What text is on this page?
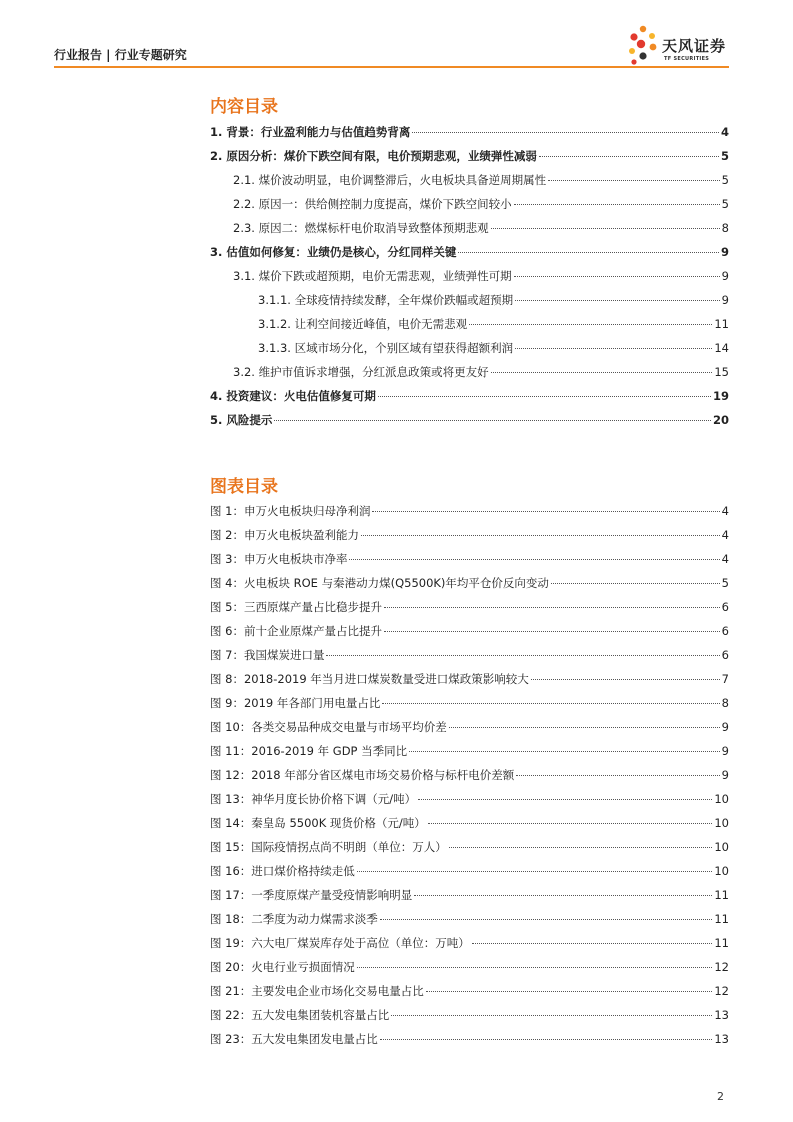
行业报告 | 行业专题研究	天风证券
TF SECURITIES
内容目录
1. 背景：行业盈利能力与估值趋势背离	4
2. 原因分析：煤价下跌空间有限，电价预期悲观，业绩弹性减弱	5
2.1. 煤价波动明显，电价调整滞后，火电板块具备逆周期属性	5
2.2. 原因一：供给侧控制力度提高，煤价下跌空间较小	5
2.3. 原因二：燃煤标杆电价取消导致整体预期悲观	8
3. 估值如何修复：业绩仍是核心，分红同样关键	9
3.1. 煤价下跌或超预期，电价无需悲观，业绩弹性可期	9
3.1.1. 全球疫情持续发酵，全年煤价跌幅或超预期	9
3.1.2. 让利空间接近峰值，电价无需悲观	11
3.1.3. 区域市场分化，个别区域有望获得超额利润	14
3.2. 维护市值诉求增强，分红派息政策或将更友好	15
4. 投资建议：火电估值修复可期	19
5. 风险提示	20
图表目录
图 1：申万火电板块归母净利润	4
图 2：申万火电板块盈利能力	4
图 3：申万火电板块市净率	4
图 4：火电板块 ROE 与秦港动力煤(Q5500K)年均平仓价反向变动	5
图 5：三西原煤产量占比稳步提升	6
图 6：前十企业原煤产量占比提升	6
图 7：我国煤炭进口量	6
图 8：2018-2019 年当月进口煤炭数量受进口煤政策影响较大	7
图 9：2019 年各部门用电量占比	8
图 10：各类交易品种成交电量与市场平均价差	9
图 11：2016-2019 年 GDP 当季同比	9
图 12：2018 年部分省区煤电市场交易价格与标杆电价差额	9
图 13：神华月度长协价格下调（元/吨）	10
图 14：秦皇岛 5500K 现货价格（元/吨）	10
图 15：国际疫情拐点尚不明朗（单位：万人）	10
图 16：进口煤价格持续走低	10
图 17：一季度原煤产量受疫情影响明显	11
图 18：二季度为动力煤需求淡季	11
图 19：六大电厂煤炭库存处于高位（单位：万吨）	11
图 20：火电行业亏损面情况	12
图 21：主要发电企业市场化交易电量占比	12
图 22：五大发电集团装机容量占比	13
图 23：五大发电集团发电量占比	13
2
